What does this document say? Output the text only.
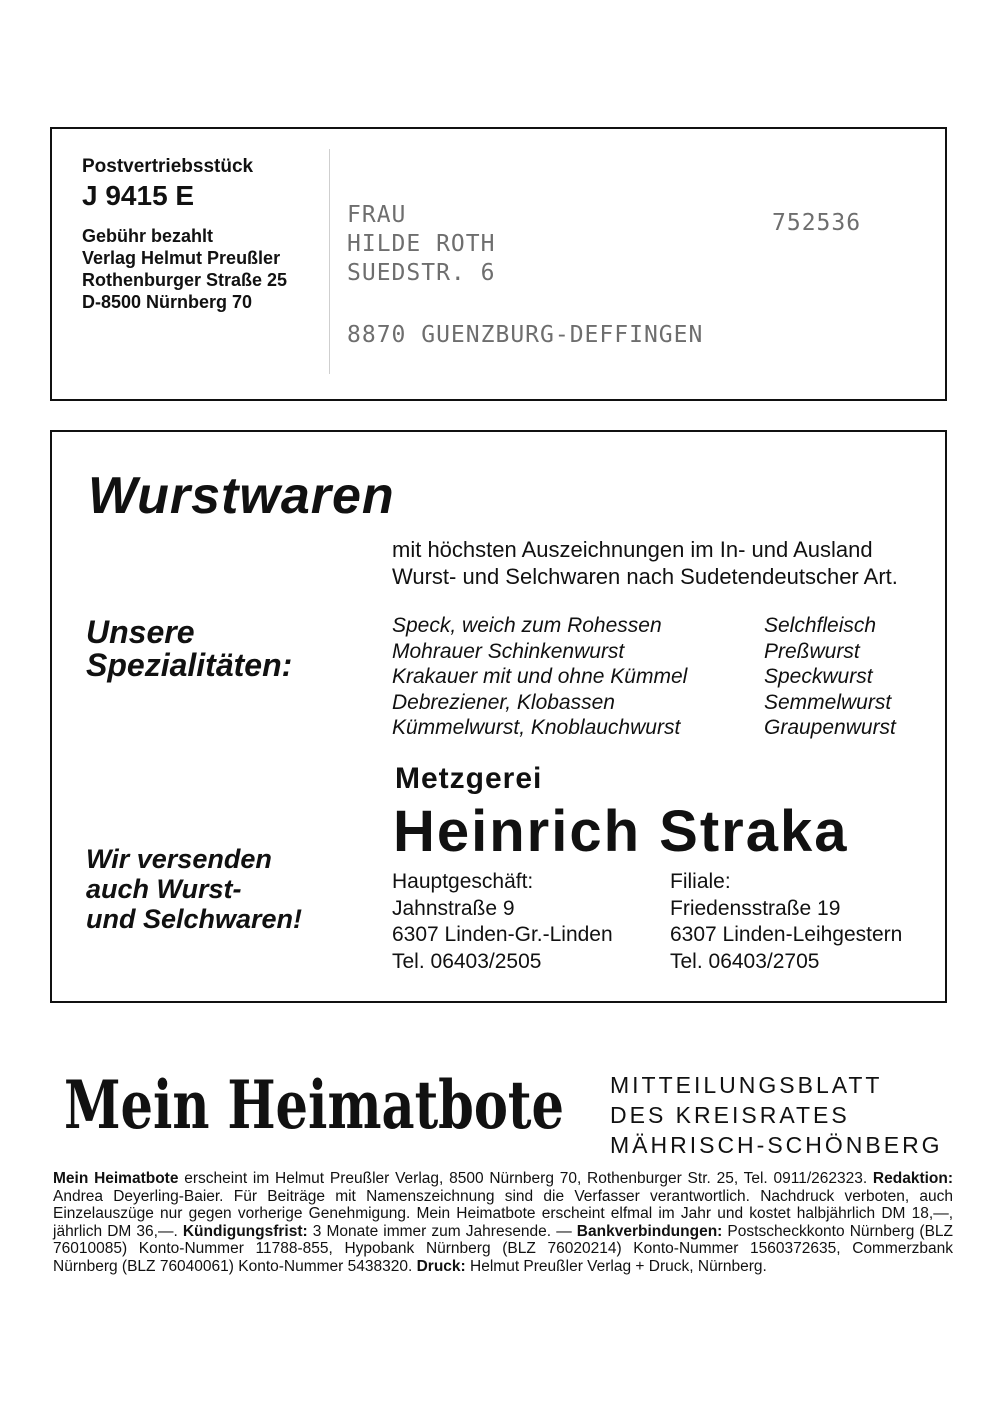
Postvertriebsstück
J 9415 E
Gebühr bezahlt
Verlag Helmut Preußler
Rothenburger Straße 25
D-8500 Nürnberg 70
FRAU
HILDE ROTH
SUEDSTR. 6
8870 GUENZBURG-DEFFINGEN
752536
Wurstwaren
mit höchsten Auszeichnungen im In- und Ausland
Wurst- und Selchwaren nach Sudetendeutscher Art.
Unsere
Spezialitäten:
Speck, weich zum Rohessen
Mohrauer Schinkenwurst
Krakauer mit und ohne Kümmel
Debreziener, Klobassen
Kümmelwurst, Knoblauchwurst
Selchfleisch
Preßwurst
Speckwurst
Semmelwurst
Graupenwurst
Metzgerei
Heinrich Straka
Wir versenden
auch Wurst-
und Selchwaren!
Hauptgeschäft:
Jahnstraße 9
6307 Linden-Gr.-Linden
Tel. 06403/2505
Filiale:
Friedensstraße 19
6307 Linden-Leihgestern
Tel. 06403/2705
Mein Heimatbote MITTEILUNGSBLATT
DES KREISRATES
MÄHRISCH-SCHÖNBERG
Mein Heimatbote erscheint im Helmut Preußler Verlag, 8500 Nürnberg 70, Rothenburger Str. 25, Tel. 0911/262323. Redaktion: Andrea Deyerling-Baier. Für Beiträge mit Namenszeichnung sind die Verfasser verantwortlich. Nachdruck verboten, auch Einzelauszüge nur gegen vorherige Genehmigung. Mein Heimatbote erscheint elfmal im Jahr und kostet halbjährlich DM 18,—, jährlich DM 36,—. Kündigungsfrist: 3 Monate immer zum Jahresende. — Bankverbindungen: Postscheckkonto Nürnberg (BLZ 76010085) Konto-Nummer 11788-855, Hypobank Nürnberg (BLZ 76020214) Konto-Nummer 1560372635, Commerzbank Nürnberg (BLZ 76040061) Konto-Nummer 5438320. Druck: Helmut Preußler Verlag + Druck, Nürnberg.
